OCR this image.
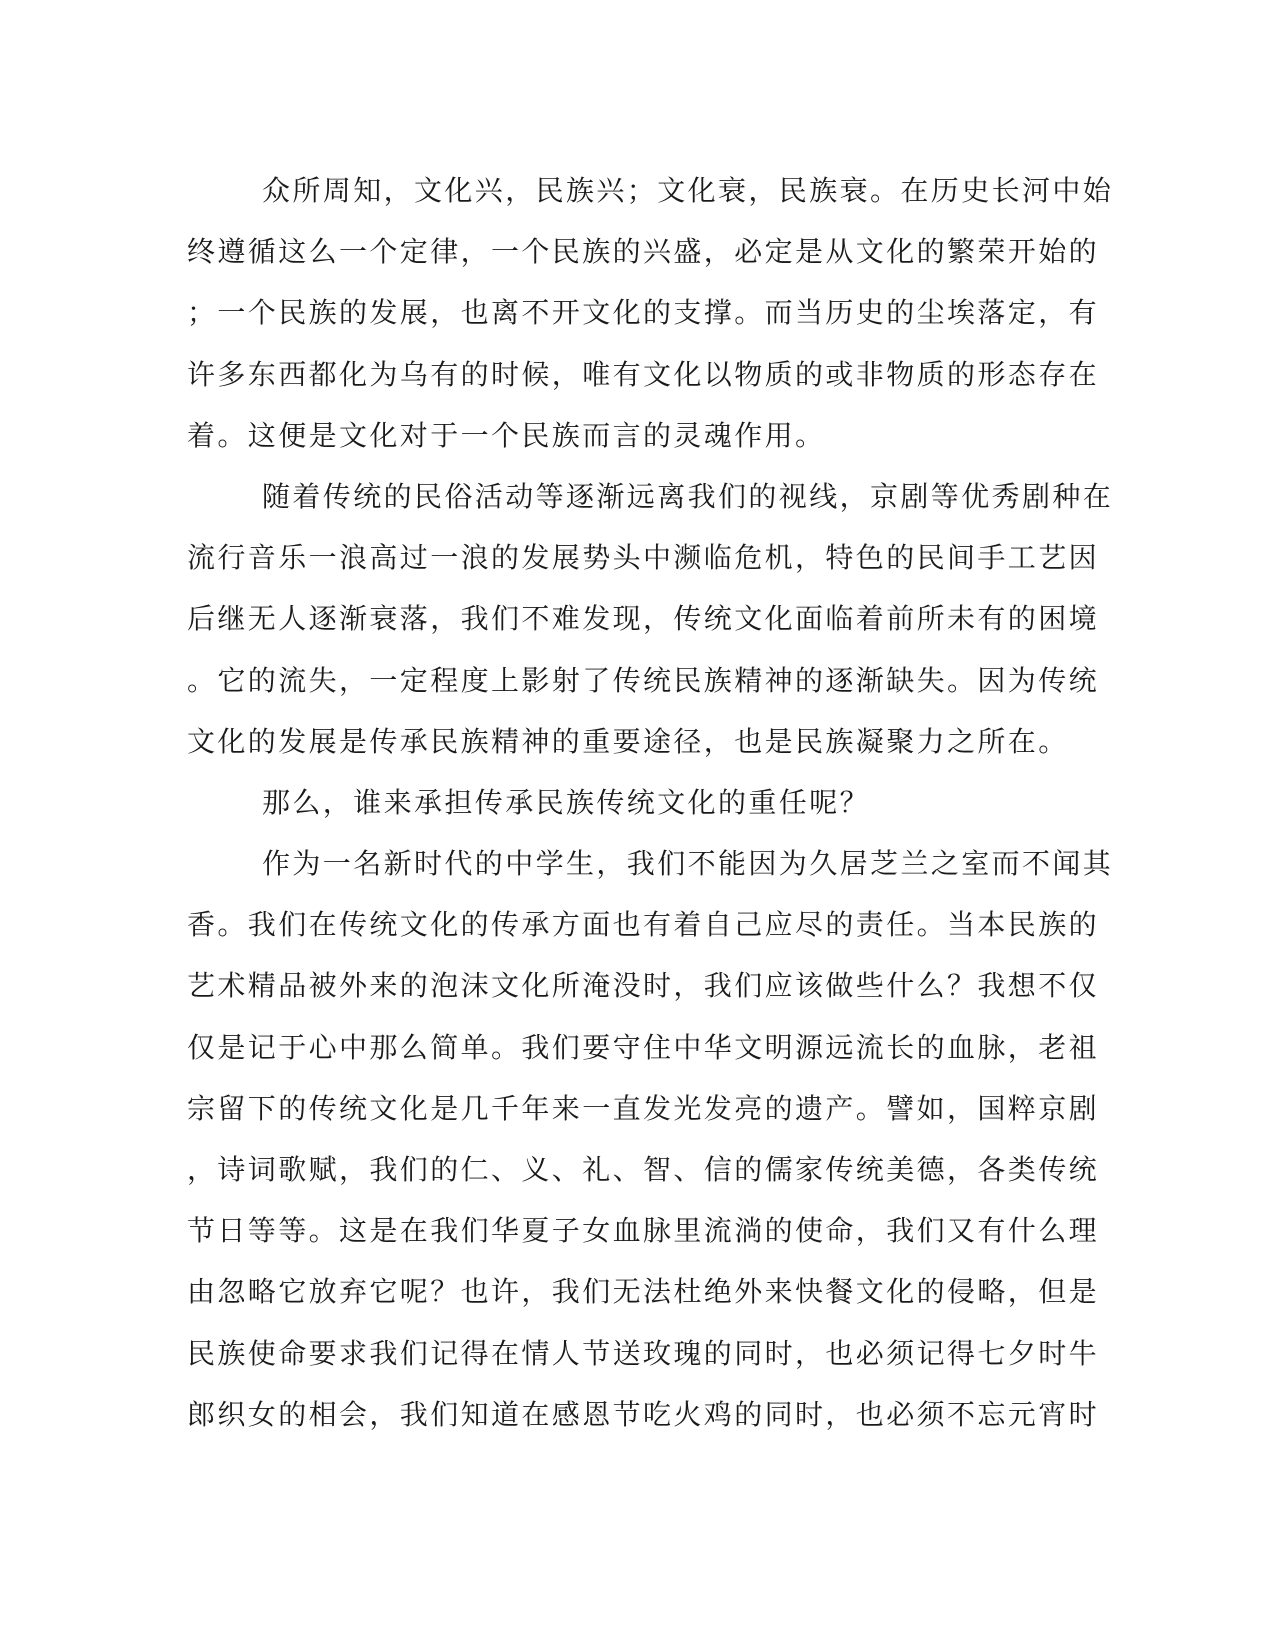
众所周知，文化兴，民族兴；文化衰，民族衰。在历史长河中始
终遵循这么一个定律，一个民族的兴盛，必定是从文化的繁荣开始的
；一个民族的发展，也离不开文化的支撑。而当历史的尘埃落定，有
许多东西都化为乌有的时候，唯有文化以物质的或非物质的形态存在
着。这便是文化对于一个民族而言的灵魂作用。
随着传统的民俗活动等逐渐远离我们的视线，京剧等优秀剧种在
流行音乐一浪高过一浪的发展势头中濒临危机，特色的民间手工艺因
后继无人逐渐衰落，我们不难发现，传统文化面临着前所未有的困境
。它的流失，一定程度上影射了传统民族精神的逐渐缺失。因为传统
文化的发展是传承民族精神的重要途径，也是民族凝聚力之所在。
那么，谁来承担传承民族传统文化的重任呢？
作为一名新时代的中学生，我们不能因为久居芝兰之室而不闻其
香。我们在传统文化的传承方面也有着自己应尽的责任。当本民族的
艺术精品被外来的泡沫文化所淹没时，我们应该做些什么？我想不仅
仅是记于心中那么简单。我们要守住中华文明源远流长的血脉，老祖
宗留下的传统文化是几千年来一直发光发亮的遗产。譬如，国粹京剧
，诗词歌赋，我们的仁、义、礼、智、信的儒家传统美德，各类传统
节日等等。这是在我们华夏子女血脉里流淌的使命，我们又有什么理
由忽略它放弃它呢？也许，我们无法杜绝外来快餐文化的侵略，但是
民族使命要求我们记得在情人节送玫瑰的同时，也必须记得七夕时牛
郎织女的相会，我们知道在感恩节吃火鸡的同时，也必须不忘元宵时
